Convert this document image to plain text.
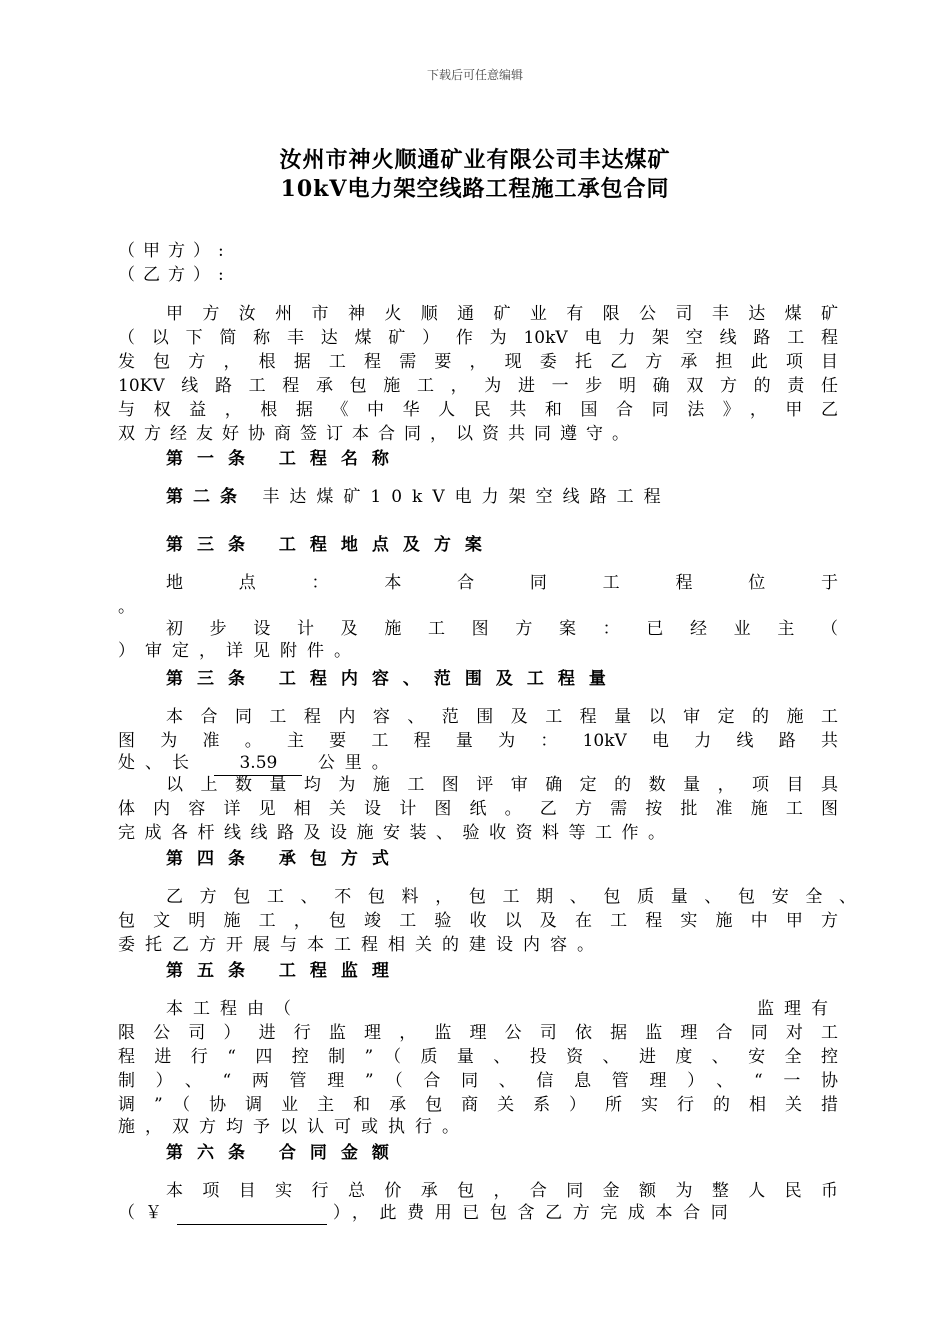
下载后可任意编辑
汝州市神火顺通矿业有限公司丰达煤矿
10kV电力架空线路工程施工承包合同
（甲方）:
（乙方）:
甲方汝州市神火顺通矿业有限公司丰达煤矿
（以下简称丰达煤矿）作为10kV电力架空线路工程
发包方，根据工程需要，现委托乙方承担此项目
10KV线路工程承包施工，为进一步明确双方的责任
与权益，根据《中华人民共和国合同法》，甲乙
双方经友好协商签订本合同，以资共同遵守。
第一条 工程名称
第二条 丰达煤矿10kV电力架空线路工程
第三条 工程地点及方案
地点：本合同工程位于
。
初步设计及施工图方案：已经业主（
）审定，详见附件。
第三条 工程内容、范围及工程量
本合同工程内容、范围及工程量以审定的施工
图为准。主要工程量为：10kV电力线路共
处、长 3.59 公里。
以上数量均为施工图评审确定的数量，项目具
体内容详见相关设计图纸。乙方需按批准施工图
完成各杆线线路及设施安装、验收资料等工作。
第四条 承包方式
乙方包工、不包料，包工期、包质量、包安全、
包文明施工，包竣工验收以及在工程实施中甲方
委托乙方开展与本工程相关的建设内容。
第五条 工程监理
本工程由（	监理有
限公司）进行监理，监理公司依据监理合同对工
程进行“四控制”（质量、投资、进度、安全控
制）、“两管理”（合同、信息管理）、“一协
调”（协调业主和承包商关系）所实行的相关措
施，双方均予以认可或执行。
第六条 合同金额
本项目实行总价承包，合同金额为整人民币
（￥	），此费用已包含乙方完成本合同
